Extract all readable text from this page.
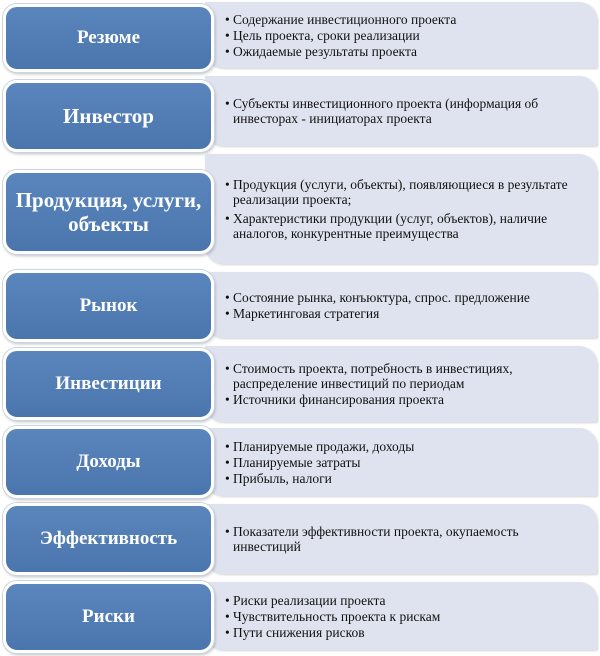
• Содержание инвестиционного проекта
• Цель проекта, сроки реализации
• Ожидаемые результаты проекта
Резюме
• Субъекты инвестиционного проекта (информация об инвесторах - инициаторах проекта
Инвестор
• Продукция (услуги, объекты), появляющиеся в результате реализации проекта;
• Характеристики продукции (услуг, объектов), наличие аналогов, конкурентные преимущества
Продукция, услуги, объекты
• Состояние рынка, конъюктура, спрос. предложение
• Маркетинговая стратегия
Рынок
• Стоимость проекта, потребность в инвестициях, распределение инвестиций по периодам
• Источники финансирования проекта
Инвестиции
• Планируемые продажи, доходы
• Планируемые затраты
• Прибыль, налоги
Доходы
• Показатели эффективности проекта, окупаемость инвестиций
Эффективность
• Риски реализации проекта
• Чувствительность проекта к рискам
• Пути снижения рисков
Риски
